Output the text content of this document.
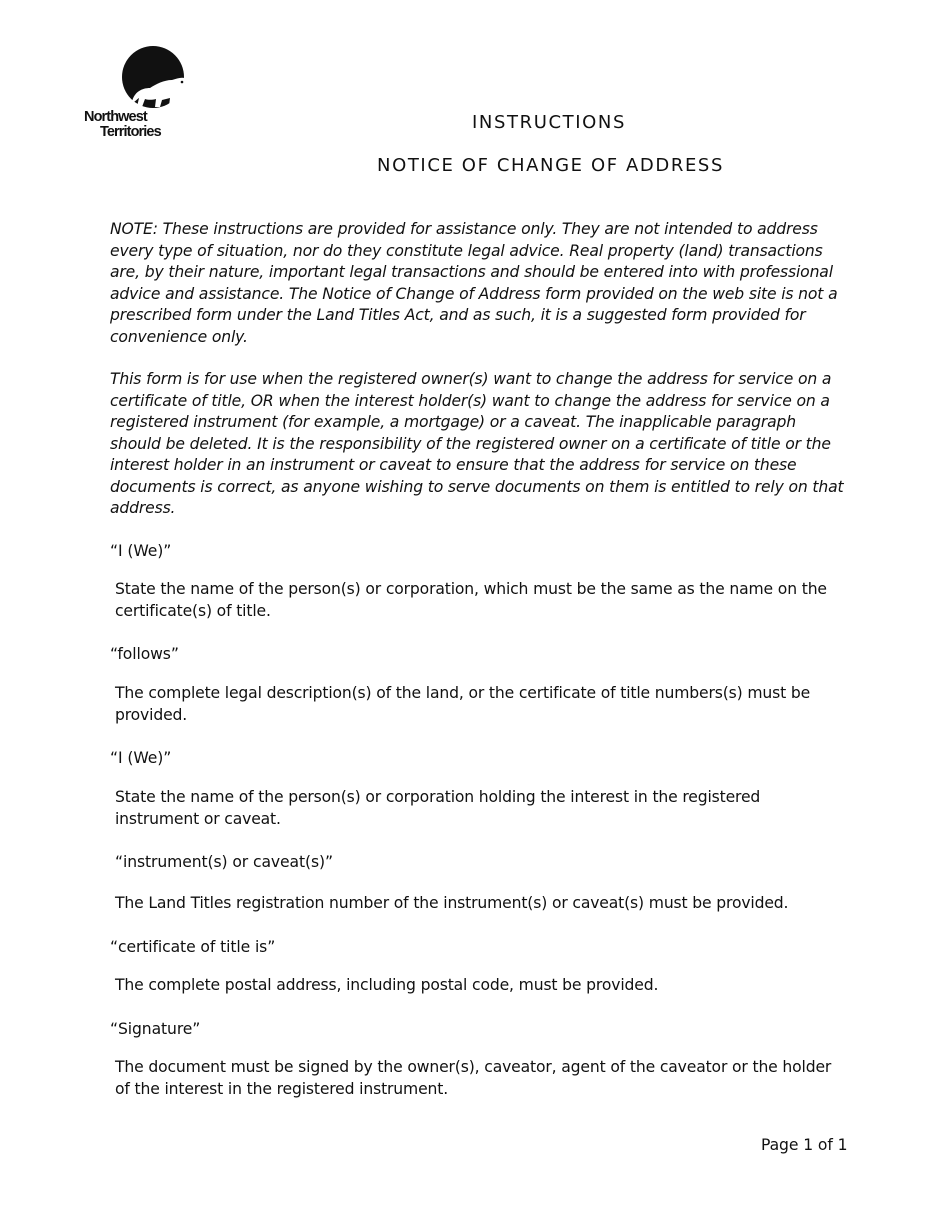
Northwest
Territories	INSTRUCTIONS
NOTICE OF CHANGE OF ADDRESS

NOTE: These instructions are provided for assistance only. They are not intended to address every type of situation, nor do they constitute legal advice. Real property (land) transactions are, by their nature, important legal transactions and should be entered into with professional advice and assistance. The Notice of Change of Address form provided on the web site is not a prescribed form under the Land Titles Act, and as such, it is a suggested form provided for convenience only.

This form is for use when the registered owner(s) want to change the address for service on a certificate of title, OR when the interest holder(s) want to change the address for service on a registered instrument (for example, a mortgage) or a caveat. The inapplicable paragraph should be deleted. It is the responsibility of the registered owner on a certificate of title or the interest holder in an instrument or caveat to ensure that the address for service on these documents is correct, as anyone wishing to serve documents on them is entitled to rely on that address.

“I (We)”

State the name of the person(s) or corporation, which must be the same as the name on the certificate(s) of title.

“follows”

The complete legal description(s) of the land, or the certificate of title numbers(s) must be provided.

“I (We)”

State the name of the person(s) or corporation holding the interest in the registered instrument or caveat.

“instrument(s) or caveat(s)”

The Land Titles registration number of the instrument(s) or caveat(s) must be provided.

“certificate of title is”

The complete postal address, including postal code, must be provided.

“Signature”

The document must be signed by the owner(s), caveator, agent of the caveator or the holder of the interest in the registered instrument.

Page 1 of 1
